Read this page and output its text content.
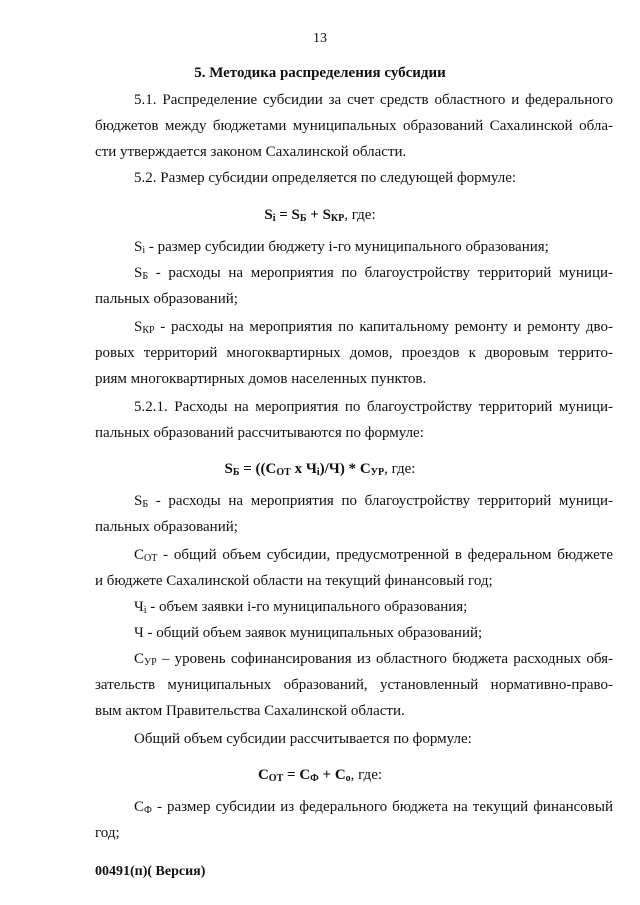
13
5. Методика распределения субсидии
5.1. Распределение субсидии за счет средств областного и федерального
бюджетов между бюджетами муниципальных образований Сахалинской обла-
сти утверждается законом Сахалинской области.
5.2. Размер субсидии определяется по следующей формуле:
$S_i = S_Б + S_{КР}$, где:
$S_i$ - размер субсидии бюджету i-го муниципального образования;
$S_Б$ - расходы на мероприятия по благоустройству территорий муници-
пальных образований;
$S_{КР}$ - расходы на мероприятия по капитальному ремонту и ремонту дво-
ровых территорий многоквартирных домов, проездов к дворовым террито-
риям многоквартирных домов населенных пунктов.
5.2.1. Расходы на мероприятия по благоустройству территорий муници-
пальных образований рассчитываются по формуле:
$S_Б = ((С_{ОТ}$ x $Ч_i)/Ч) * С_{УР}$, где:
$S_Б$ - расходы на мероприятия по благоустройству территорий муници-
пальных образований;
$С_{ОТ}$ - общий объем субсидии, предусмотренной в федеральном бюджете
и бюджете Сахалинской области на текущий финансовый год;
$Ч_i$ - объем заявки i-го муниципального образования;
Ч - общий объем заявок муниципальных образований;
$С_{УР}$ – уровень софинансирования из областного бюджета расходных обя-
зательств муниципальных образований, установленный нормативно-право-
вым актом Правительства Сахалинской области.
Общий объем субсидии рассчитывается по формуле:
$С_{ОТ} = С_Ф + С_о$, где:
$С_Ф$ - размер субсидии из федерального бюджета на текущий финансовый
год;
00491(п)( Версия)
